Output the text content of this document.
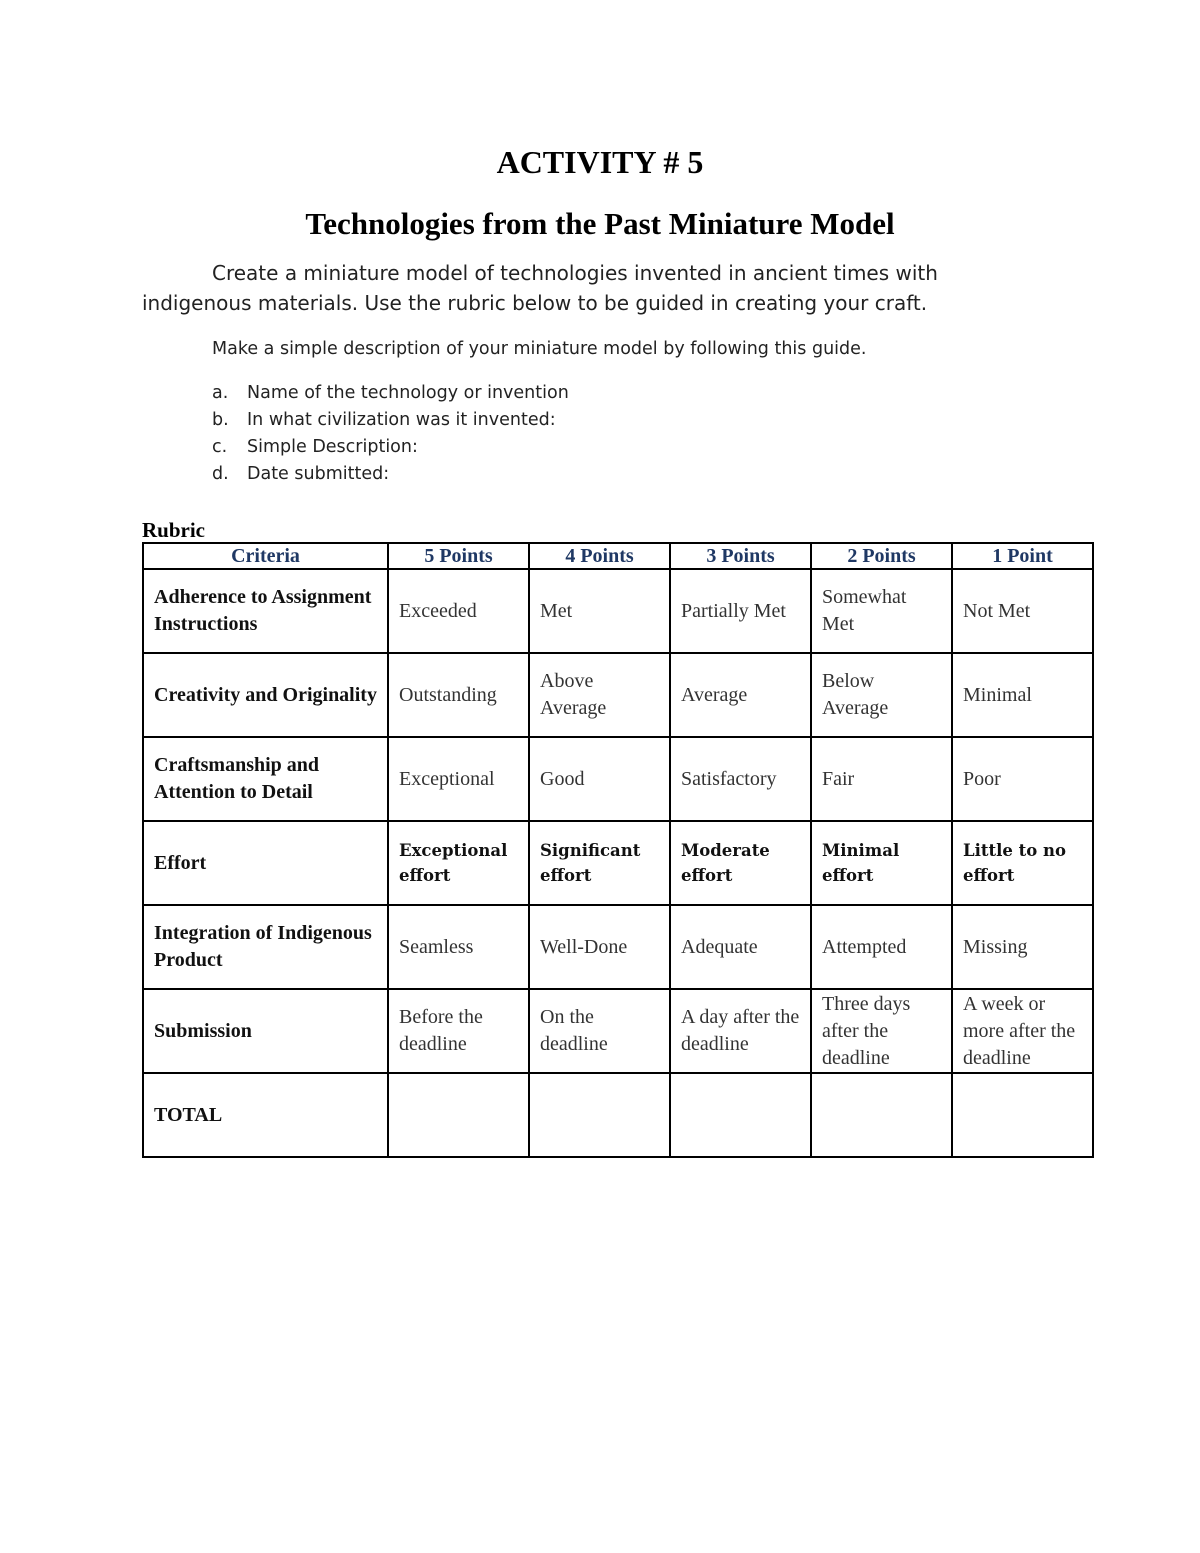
ACTIVITY # 5
Technologies from the Past Miniature Model
Create a miniature model of technologies invented in ancient times with
indigenous materials. Use the rubric below to be guided in creating your craft.
Make a simple description of your miniature model by following this guide.
a.	Name of the technology or invention
b.	In what civilization was it invented:
c.	Simple Description:
d.	Date submitted:
Rubric
Criteria	5 Points	4 Points	3 Points	2 Points	1 Point
Adherence to Assignment Instructions	Exceeded	Met	Partially Met	Somewhat Met	Not Met
Creativity and Originality	Outstanding	Above Average	Average	Below Average	Minimal
Craftsmanship and Attention to Detail	Exceptional	Good	Satisfactory	Fair	Poor
Effort	Exceptional effort	Significant effort	Moderate effort	Minimal effort	Little to no effort
Integration of Indigenous Product	Seamless	Well-Done	Adequate	Attempted	Missing
Submission	Before the deadline	On the deadline	A day after the deadline	Three days after the deadline	A week or more after the deadline
TOTAL					
